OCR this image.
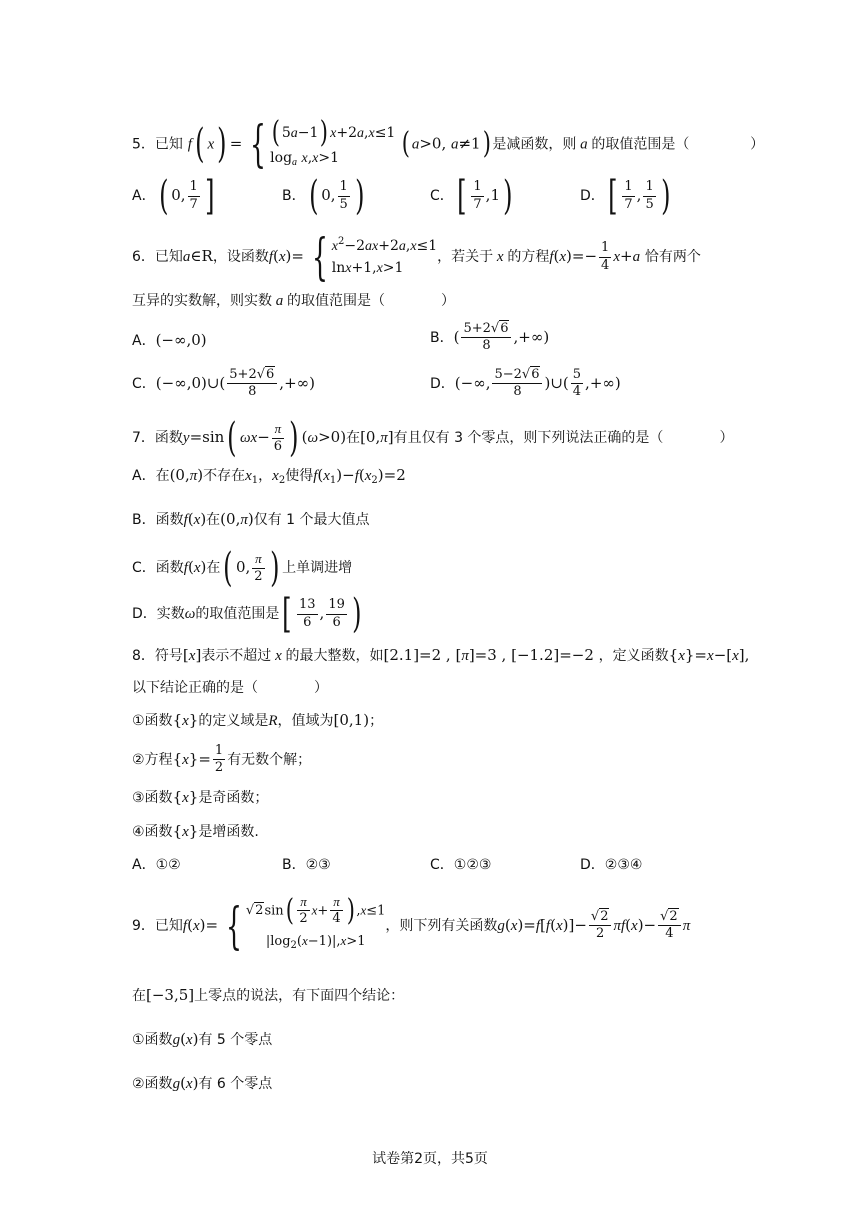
5．已知 f( x) = { ( 5a−1) x+2a,x≤1
$\log_a x,x>1$	( a>0, a≠1) 是减函数，则 a 的取值范围是（	）
A．( 0, $\frac{1}{7}$ ]	B．( 0, $\frac{1}{5}$ )	C．[ $\frac{1}{7} ,1$)	D．[ $\frac{1}{7}$ , $\frac{1}{5}$ )
6．已知a∈R，设函数f(x)= { $x^2-2ax+2a,x\le 1$
lnx+1,x>1
，若关于 x 的方程$f(x)=- \frac{1}{4} x+a$ 恰有两个
互异的实数解，则实数 a 的取值范围是（	）
A．(−∞,0)	B．( $\frac{5+2√6}{8}$ ,+∞)
C．(−∞,0)∪( $\frac{5+2√6}{8}$ ,+∞)	D．(−∞, $\frac{5-2√6}{8}$ )∪( $\frac{5}{4}$ ,+∞)
7．函数y=sin( $\omega x- \frac{\pi}{6}$ ) (ω>0)在[0,π]有且仅有 3 个零点，则下列说法正确的是（	）
A．在(0,π)不存在$x_1$，$x_2$使得$f(x_1)-f(x_2)=2$
B．函数f(x)在(0,π)仅有 1 个最大值点
C．函数f(x)在( 0, $\frac{\pi}{2}$ ) 上单调进增
D．实数ω的取值范围是[ $\frac{13}{6}$ , $\frac{19}{6}$ )
8．符号[x]表示不超过 x 的最大整数，如[2.1]=2 , [π]=3 , [−1.2]=−2 ，定义函数{x}=x−[x],
以下结论正确的是（	）
①函数{x}的定义域是R，值域为[0,1)；
②方程$\{x\}= \frac{1}{2}$ 有无数个解；
③函数{x}是奇函数；
④函数{x}是增函数.
A．①②	B．②③	C．①②③	D．②③④
9．已知f(x)= { $√2\sin( \frac{\pi}{2} x+ \frac{\pi}{4}$ ) ,x≤1
$|\log_2(x-1)|,x>1$
，则下列有关函数$g(x)=f[f(x)]- \frac{√2}{2} \pi f(x)- \frac{√2}{4}$ π
在[−3,5]上零点的说法，有下面四个结论：
①函数g(x)有 5 个零点
②函数g(x)有 6 个零点
试卷第2页，共5页
